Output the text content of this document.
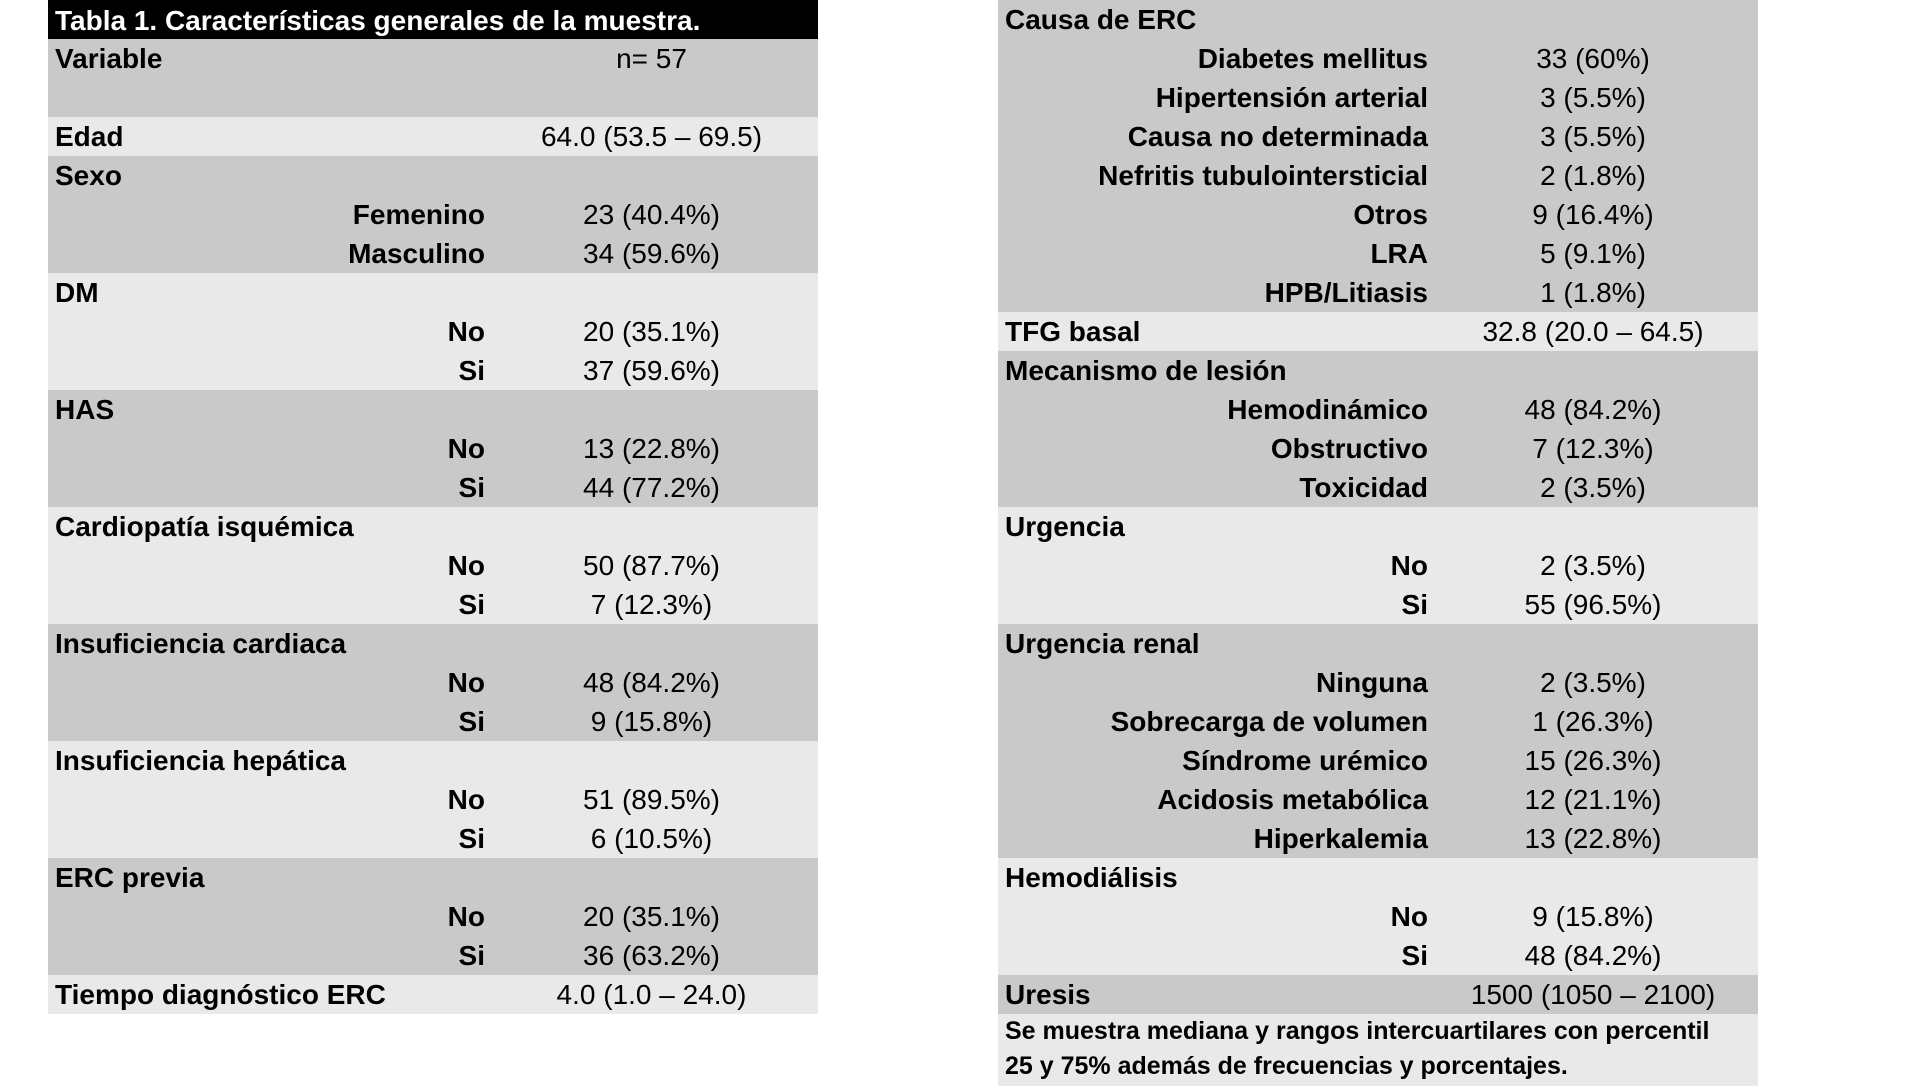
Tabla 1. Características generales de la muestra.
Variable	n= 57
Edad	64.0 (53.5 – 69.5)
Sexo
Femenino	23 (40.4%)
Masculino	34 (59.6%)
DM
No	20 (35.1%)
Si	37 (59.6%)
HAS
No	13 (22.8%)
Si	44 (77.2%)
Cardiopatía isquémica
No	50 (87.7%)
Si	7 (12.3%)
Insuficiencia cardiaca
No	48 (84.2%)
Si	9 (15.8%)
Insuficiencia hepática
No	51 (89.5%)
Si	6 (10.5%)
ERC previa
No	20 (35.1%)
Si	36 (63.2%)
Tiempo diagnóstico ERC	4.0 (1.0 – 24.0)
Causa de ERC
Diabetes mellitus	33 (60%)
Hipertensión arterial	3 (5.5%)
Causa no determinada	3 (5.5%)
Nefritis tubulointersticial	2 (1.8%)
Otros	9 (16.4%)
LRA	5 (9.1%)
HPB/Litiasis	1 (1.8%)
TFG basal	32.8 (20.0 – 64.5)
Mecanismo de lesión
Hemodinámico	48 (84.2%)
Obstructivo	7 (12.3%)
Toxicidad	2 (3.5%)
Urgencia
No	2 (3.5%)
Si	55 (96.5%)
Urgencia renal
Ninguna	2 (3.5%)
Sobrecarga de volumen	1 (26.3%)
Síndrome urémico	15 (26.3%)
Acidosis metabólica	12 (21.1%)
Hiperkalemia	13 (22.8%)
Hemodiálisis
No	9 (15.8%)
Si	48 (84.2%)
Uresis	1500 (1050 – 2100)
Se muestra mediana y rangos intercuartilares con percentil 25 y 75% además de frecuencias y porcentajes.
